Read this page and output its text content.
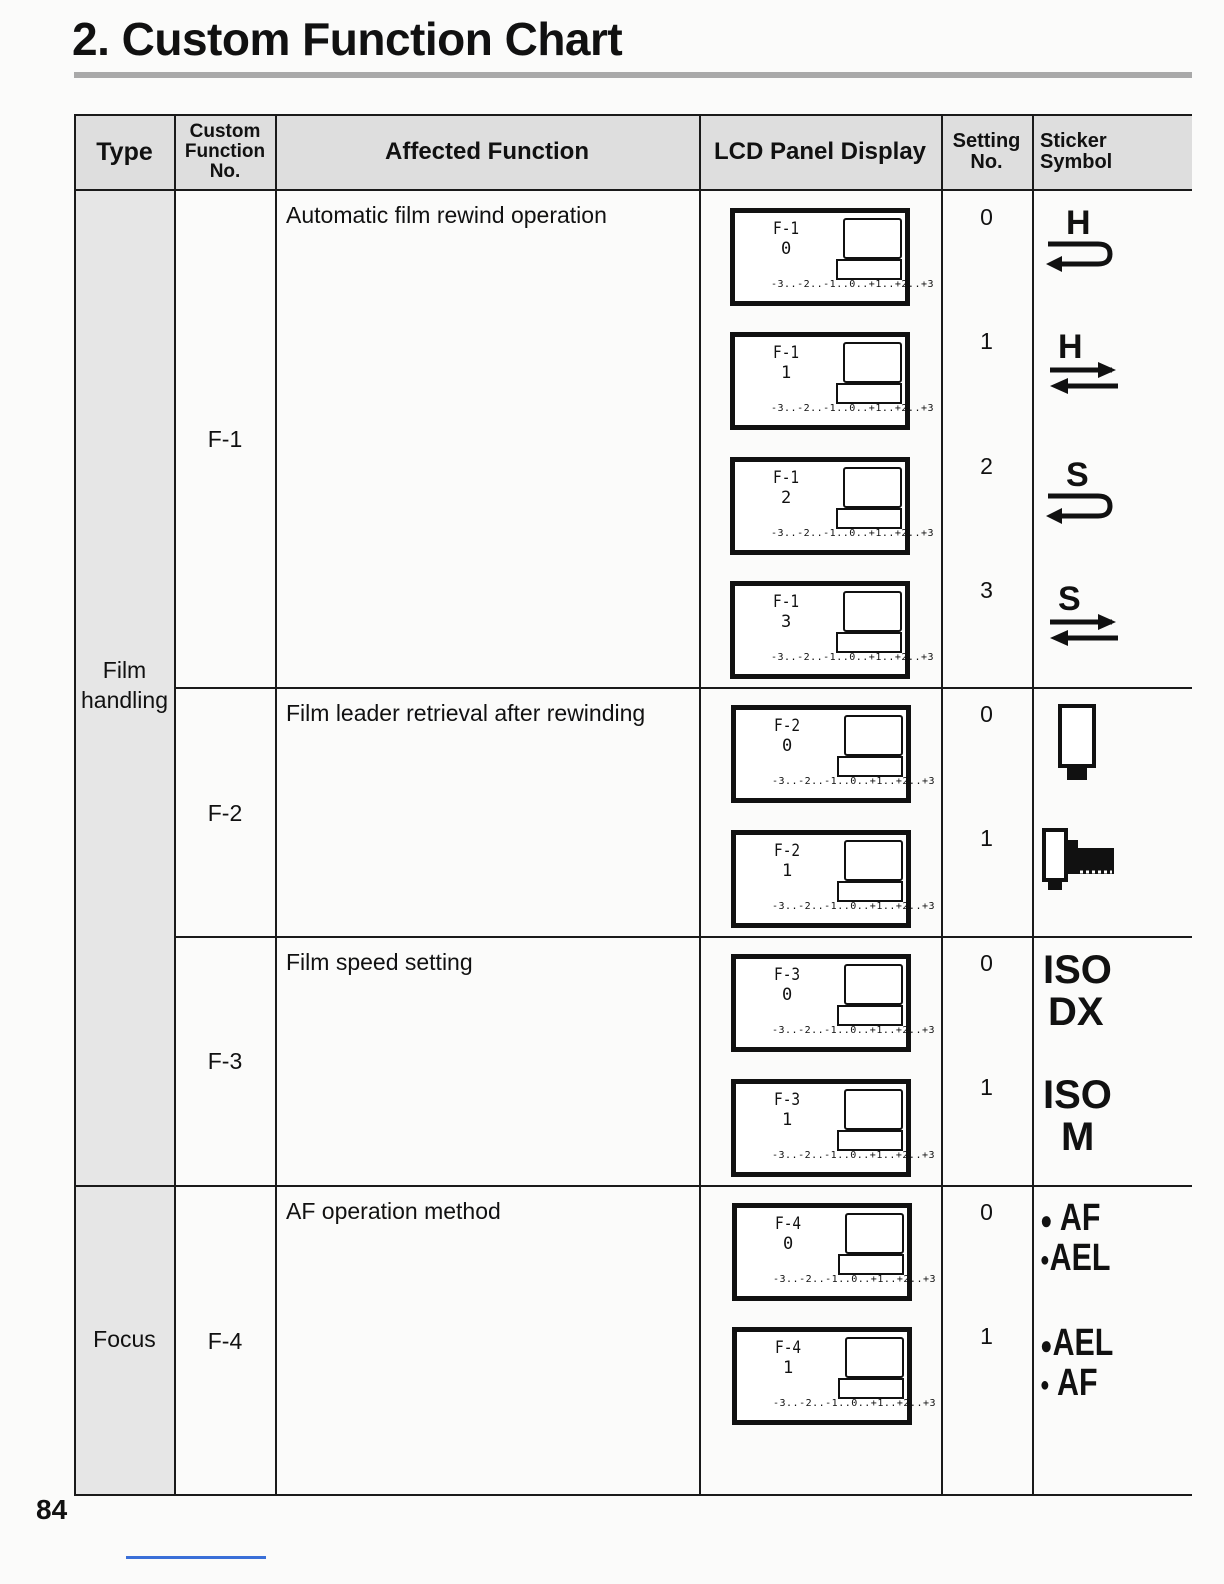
2. Custom Function Chart
Type
Custom
Function
No.
Affected Function	LCD Panel Display Setting
No.
Sticker
Symbol
Film
handling
Focus
F-1
F-2
F-3
F-4
Automatic film rewind operation
Film leader retrieval after rewinding
Film speed setting
AF operation method
F-1
0
-3..-2..-1..0..+1..+2..+3
F-1
1
-3..-2..-1..0..+1..+2..+3
F-1
2
-3..-2..-1..0..+1..+2..+3
F-1
3
-3..-2..-1..0..+1..+2..+3
F-2
0
-3..-2..-1..0..+1..+2..+3
F-2
1
-3..-2..-1..0..+1..+2..+3
F-3
0
-3..-2..-1..0..+1..+2..+3
F-3
1
-3..-2..-1..0..+1..+2..+3
F-4
0
-3..-2..-1..0..+1..+2..+3
F-4
1
-3..-2..-1..0..+1..+2..+3
0
1
2
3
0
1
0
1
0
1
H
H
S
S
ISO
DX
ISO
M
● AF
●AEL
●AEL
● AF
84
